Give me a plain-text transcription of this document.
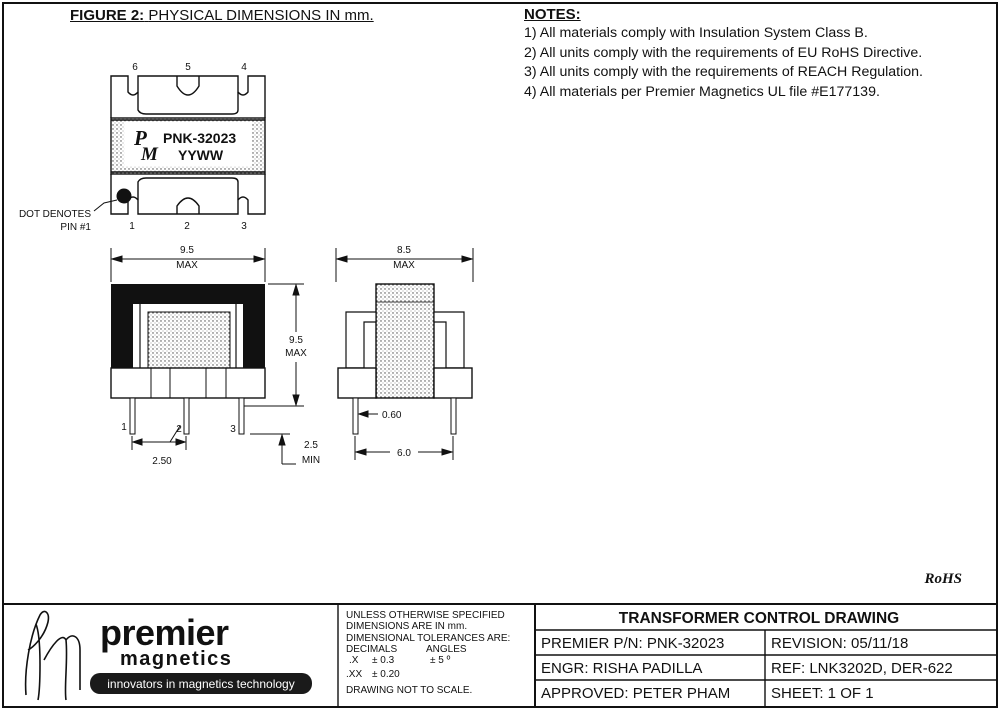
6	5	4
1	2	3
P
M
PNK-32023
YYWW
DOT DENOTES
PIN #1
9.5
MAX
9.5
MAX
1	2	3
2.50
2.5
MIN
8.5
MAX
0.60
6.0
RoHS
premier
magnetics
innovators in magnetics technology
UNLESS OTHERWISE SPECIFIED
DIMENSIONS ARE IN mm.
DIMENSIONAL TOLERANCES ARE:
DECIMALS	ANGLES
.X ± 0.3	± 5 º
.XX ± 0.20
DRAWING NOT TO SCALE.
TRANSFORMER CONTROL DRAWING
PREMIER P/N: PNK-32023	REVISION: 05/11/18
ENGR: RISHA PADILLA	REF: LNK3202D, DER-622
APPROVED: PETER PHAM	SHEET: 1 OF 1
FIGURE 2: PHYSICAL DIMENSIONS IN mm.	NOTES:
1) All materials comply with Insulation System Class B.
2) All units comply with the requirements of EU RoHS Directive.
3) All units comply with the requirements of REACH Regulation.
4) All materials per Premier Magnetics UL file #E177139.
